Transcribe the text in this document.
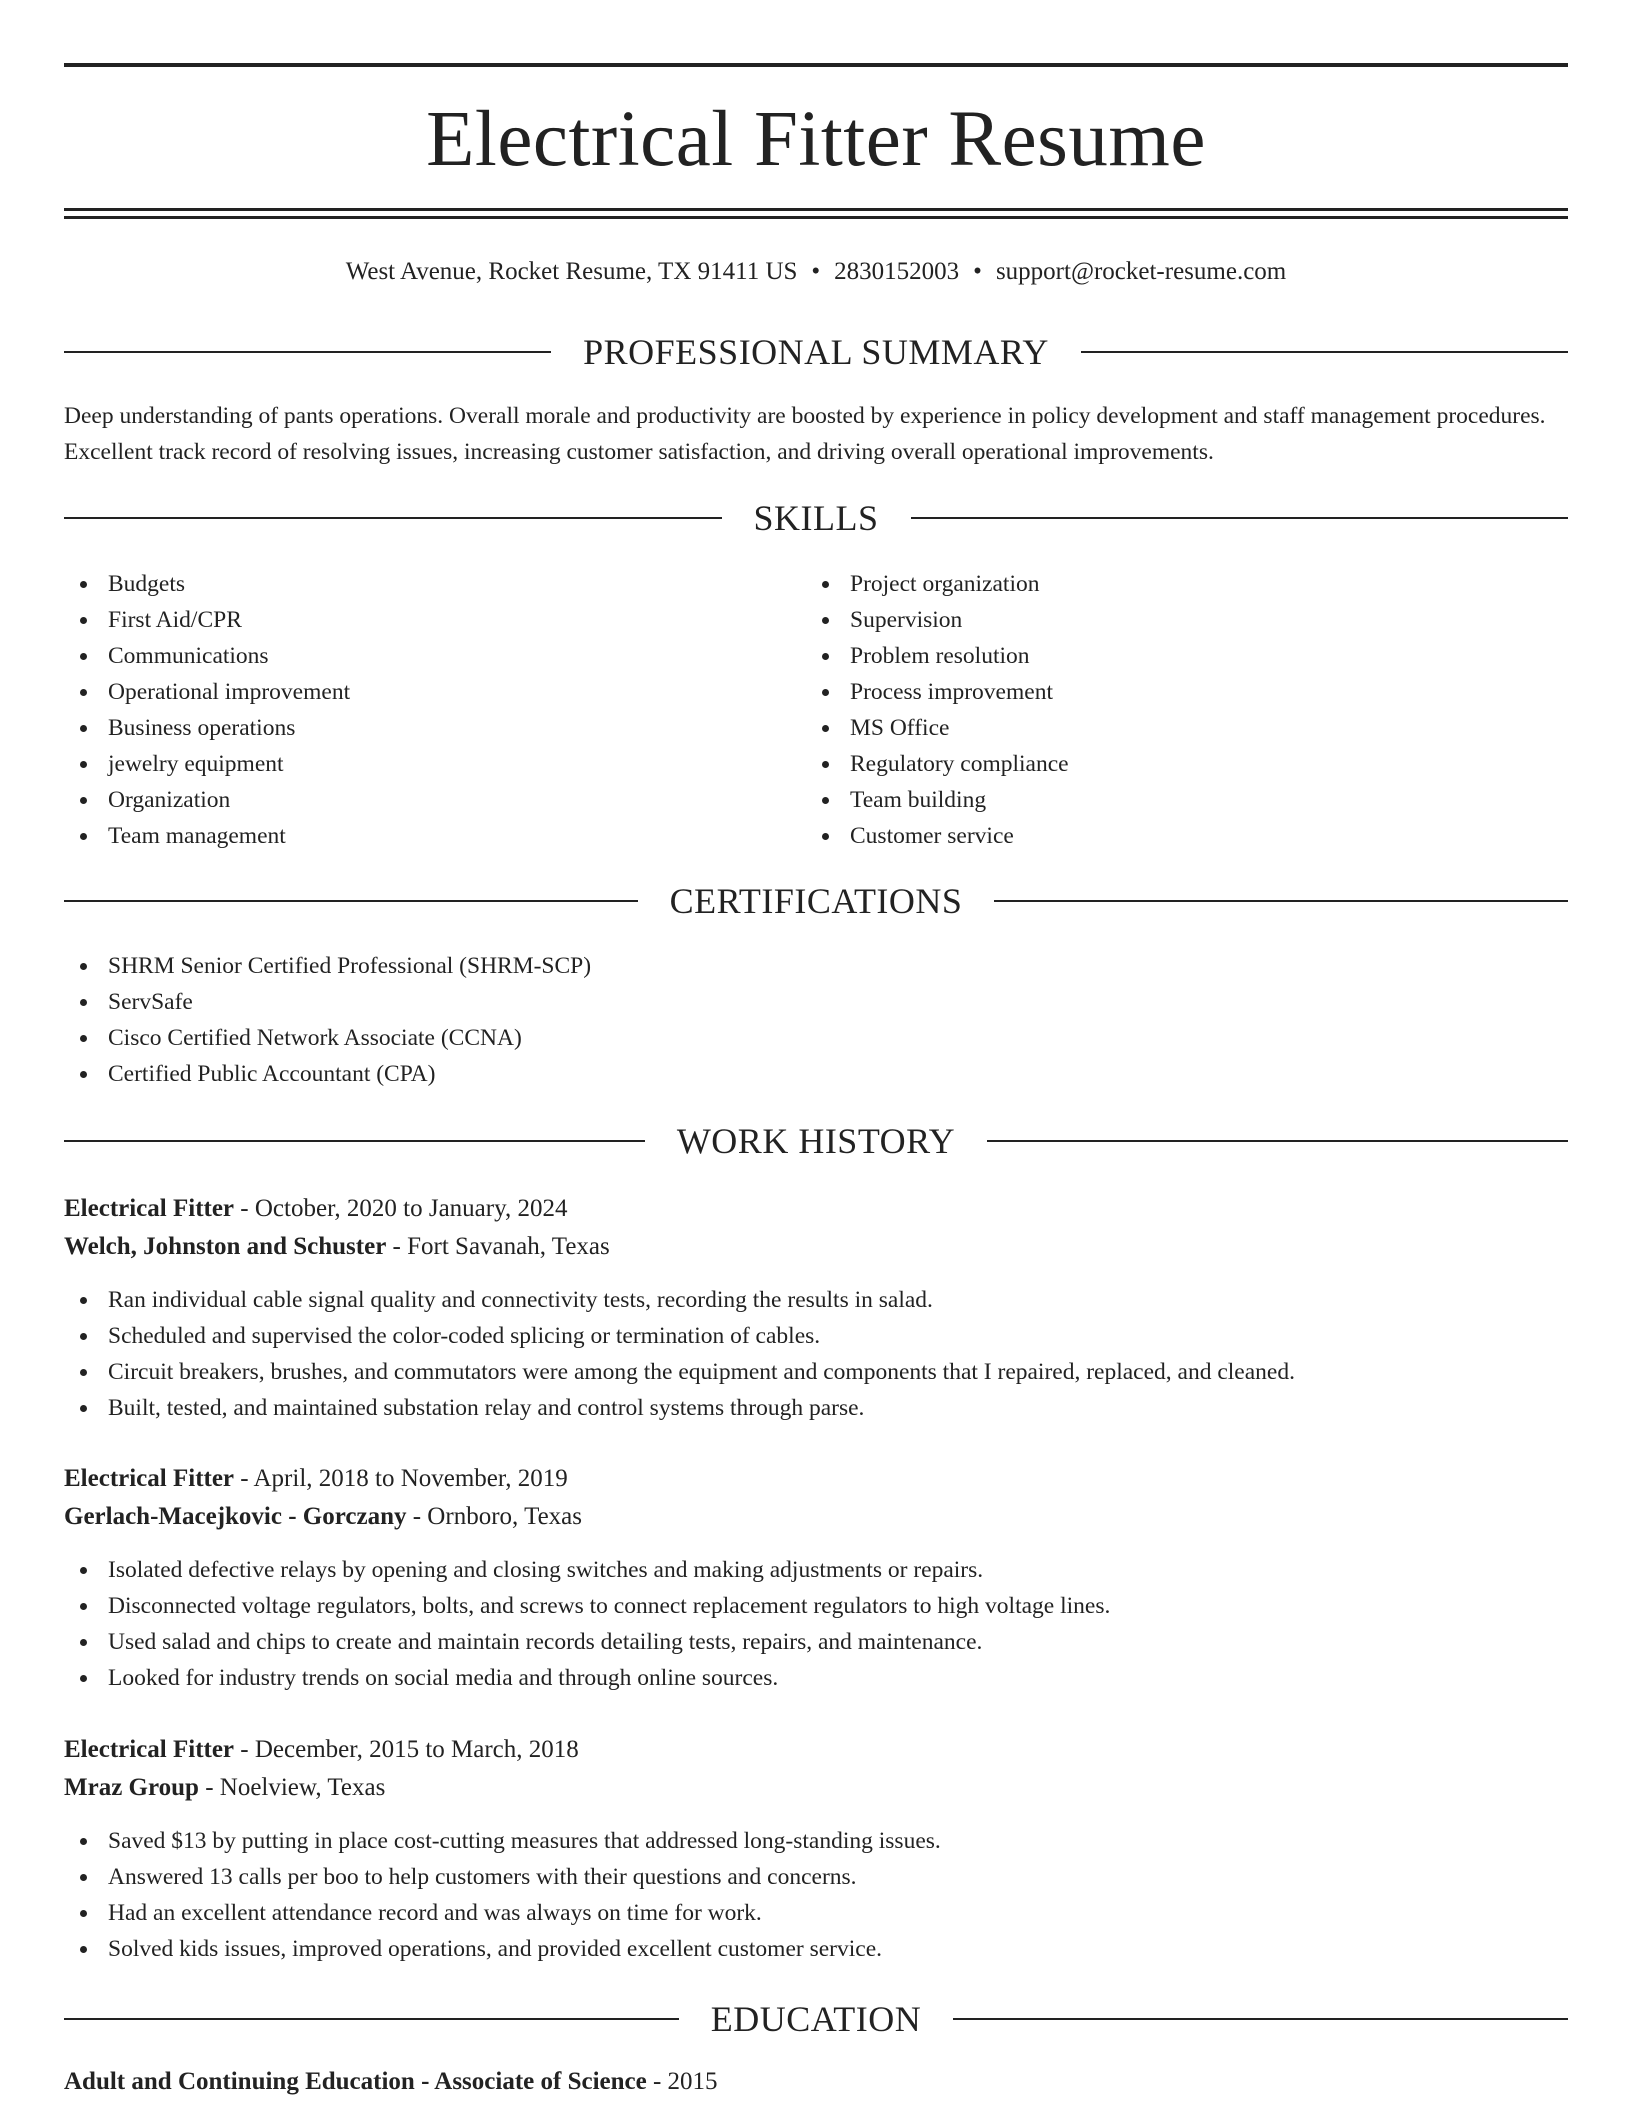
Electrical Fitter Resume
West Avenue, Rocket Resume, TX 91411 US • 2830152003 • support@rocket-resume.com
PROFESSIONAL SUMMARY

Deep understanding of pants operations. Overall morale and productivity are boosted by experience in policy development and staff management procedures. Excellent track record of resolving issues, increasing customer satisfaction, and driving overall operational improvements.

SKILLS
Budgets
First Aid/CPR
Communications
Operational improvement
Business operations
jewelry equipment
Organization
Team management
Project organization
Supervision
Problem resolution
Process improvement
MS Office
Regulatory compliance
Team building
Customer service
CERTIFICATIONS
SHRM Senior Certified Professional (SHRM-SCP)
ServSafe
Cisco Certified Network Associate (CCNA)
Certified Public Accountant (CPA)
WORK HISTORY
Electrical Fitter - October, 2020 to January, 2024
Welch, Johnston and Schuster - Fort Savanah, Texas
Ran individual cable signal quality and connectivity tests, recording the results in salad.
Scheduled and supervised the color-coded splicing or termination of cables.
Circuit breakers, brushes, and commutators were among the equipment and components that I repaired, replaced, and cleaned.
Built, tested, and maintained substation relay and control systems through parse.
Electrical Fitter - April, 2018 to November, 2019
Gerlach-Macejkovic - Gorczany - Ornboro, Texas
Isolated defective relays by opening and closing switches and making adjustments or repairs.
Disconnected voltage regulators, bolts, and screws to connect replacement regulators to high voltage lines.
Used salad and chips to create and maintain records detailing tests, repairs, and maintenance.
Looked for industry trends on social media and through online sources.
Electrical Fitter - December, 2015 to March, 2018
Mraz Group - Noelview, Texas
Saved $13 by putting in place cost-cutting measures that addressed long-standing issues.
Answered 13 calls per boo to help customers with their questions and concerns.
Had an excellent attendance record and was always on time for work.
Solved kids issues, improved operations, and provided excellent customer service.
EDUCATION
Adult and Continuing Education - Associate of Science - 2015
